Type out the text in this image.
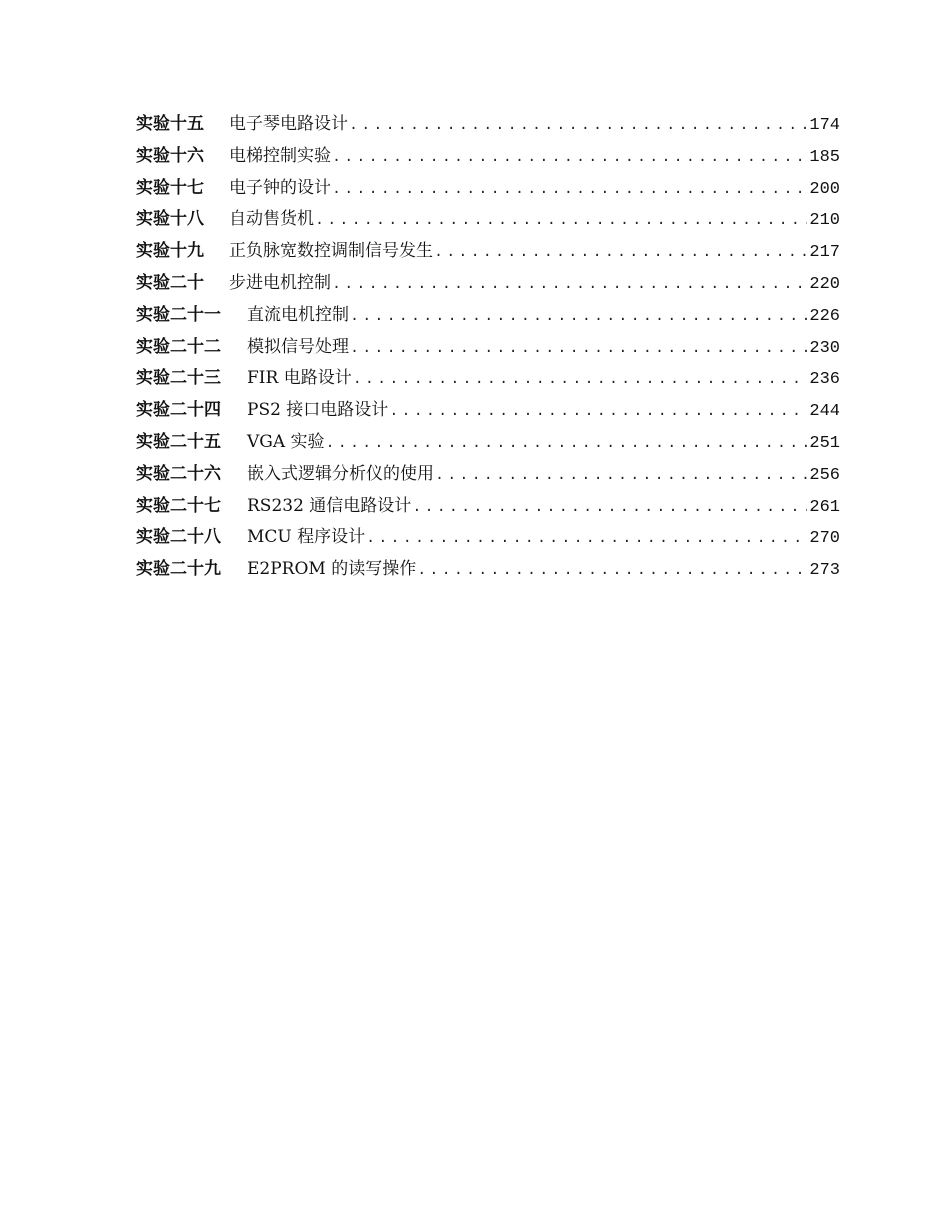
实验十五	电子琴电路设计 .....	174
实验十六	电梯控制实验 .....	185
实验十七	电子钟的设计 .....	200
实验十八	自动售货机 .....	210
实验十九	正负脉宽数控调制信号发生 .....	217
实验二十	步进电机控制 .....	220
实验二十一	直流电机控制 .....	226
实验二十二	模拟信号处理 .....	230
实验二十三	FIR 电路设计 .....	236
实验二十四	PS2 接口电路设计 .....	244
实验二十五	VGA 实验 .....	251
实验二十六	嵌入式逻辑分析仪的使用 .....	256
实验二十七	RS232 通信电路设计 .....	261
实验二十八	MCU 程序设计 .....	270
实验二十九	E2PROM 的读写操作 .....	273
